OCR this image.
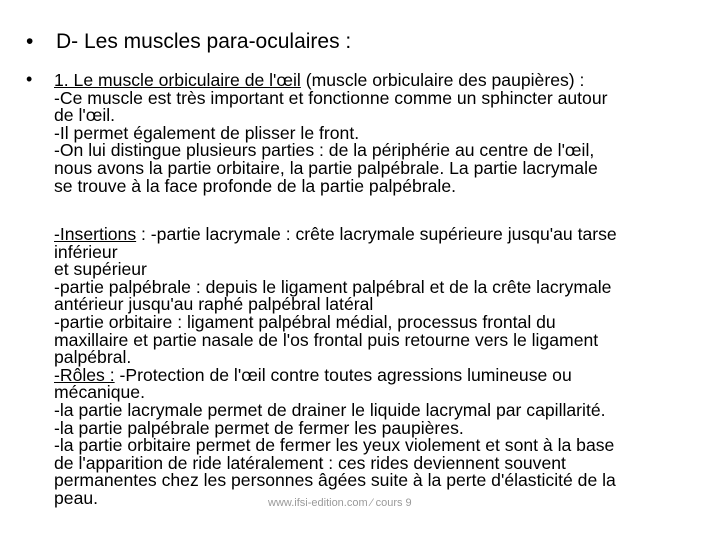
• D- Les muscles para-oculaires :
• 1. Le muscle orbiculaire de l'œil (muscle orbiculaire des paupières) :
-Ce muscle est très important et fonctionne comme un sphincter autour
de l'œil.
-Il permet également de plisser le front.
-On lui distingue plusieurs parties : de la périphérie au centre de l'œil,
nous avons la partie orbitaire, la partie palpébrale. La partie lacrymale
se trouve à la face profonde de la partie palpébrale.
www.ifsi-edition.com ⁄ cours 9
-Insertions : -partie lacrymale : crête lacrymale supérieure jusqu'au tarse
inférieur
et supérieur
-partie palpébrale : depuis le ligament palpébral et de la crête lacrymale
antérieur jusqu'au raphé palpébral latéral
-partie orbitaire : ligament palpébral médial, processus frontal du
maxillaire et partie nasale de l'os frontal puis retourne vers le ligament
palpébral.
-Rôles : -Protection de l'œil contre toutes agressions lumineuse ou
mécanique.
-la partie lacrymale permet de drainer le liquide lacrymal par capillarité.
-la partie palpébrale permet de fermer les paupières.
-la partie orbitaire permet de fermer les yeux violement et sont à la base
de l'apparition de ride latéralement : ces rides deviennent souvent
permanentes chez les personnes âgées suite à la perte d'élasticité de la
peau.
